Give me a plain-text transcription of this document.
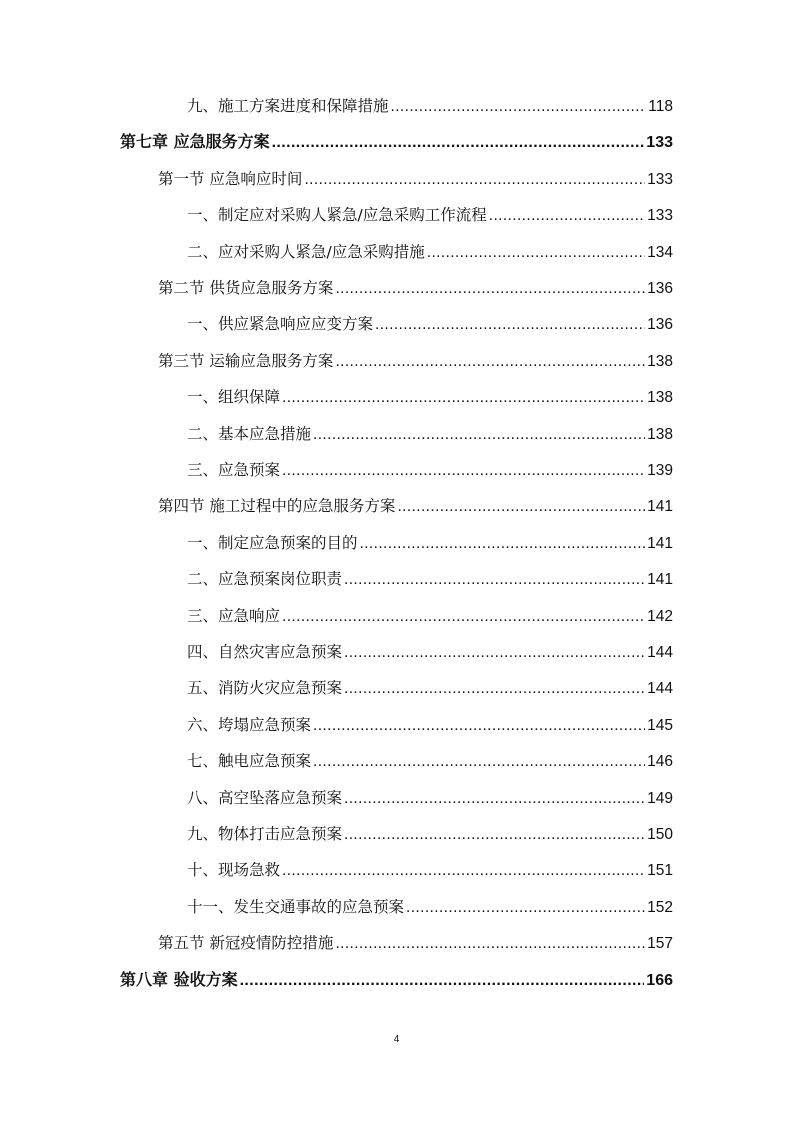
九、施工方案进度和保障措施 .....	118
第七章 应急服务方案 .....	133
第一节 应急响应时间 .....	133
一、制定应对采购人紧急/应急采购工作流程 .....	133
二、应对采购人紧急/应急采购措施 .....	134
第二节 供货应急服务方案 .....	136
一、供应紧急响应应变方案 .....	136
第三节 运输应急服务方案 .....	138
一、组织保障 .....	138
二、基本应急措施 .....	138
三、应急预案 .....	139
第四节 施工过程中的应急服务方案 .....	141
一、制定应急预案的目的 .....	141
二、应急预案岗位职责 .....	141
三、应急响应 .....	142
四、自然灾害应急预案 .....	144
五、消防火灾应急预案 .....	144
六、垮塌应急预案 .....	145
七、触电应急预案 .....	146
八、高空坠落应急预案 .....	149
九、物体打击应急预案 .....	150
十、现场急救 .....	151
十一、发生交通事故的应急预案 .....	152
第五节 新冠疫情防控措施 .....	157
第八章 验收方案 .....	166
4
